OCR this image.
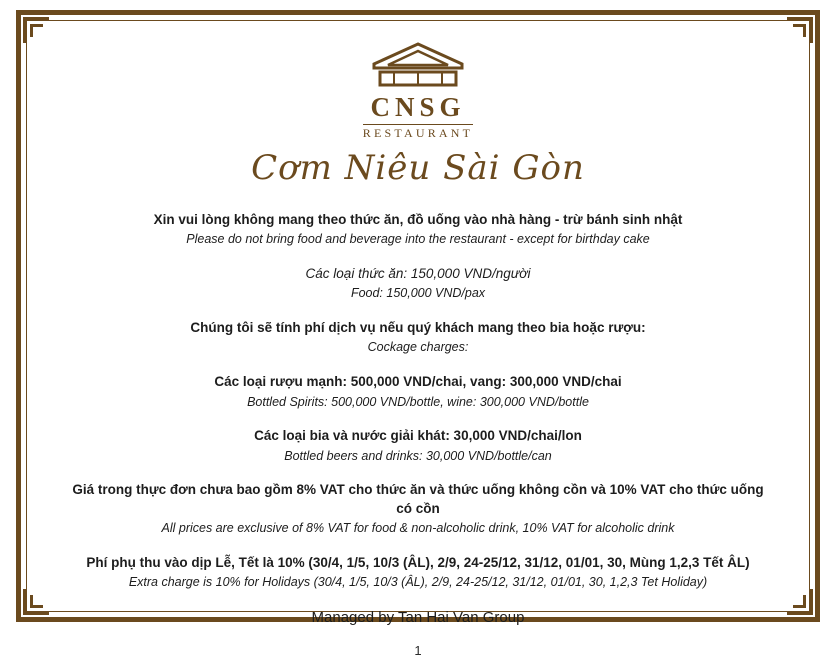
CNSG
RESTAURANT
Cơm Niêu Sài Gòn
Xin vui lòng không mang theo thức ăn, đồ uống vào nhà hàng - trừ bánh sinh nhật
Please do not bring food and beverage into the restaurant - except for birthday cake
Các loại thức ăn: 150,000 VND/người
Food: 150,000 VND/pax
Chúng tôi sẽ tính phí dịch vụ nếu quý khách mang theo bia hoặc rượu:
Cockage charges:
Các loại rượu mạnh: 500,000 VND/chai, vang: 300,000 VND/chai
Bottled Spirits: 500,000 VND/bottle, wine: 300,000 VND/bottle
Các loại bia và nước giải khát: 30,000 VND/chai/lon
Bottled beers and drinks: 30,000 VND/bottle/can
Giá trong thực đơn chưa bao gồm 8% VAT cho thức ăn và thức uống không cồn và 10% VAT cho thức uống có cồn
All prices are exclusive of 8% VAT for food & non-alcoholic drink, 10% VAT for alcoholic drink
Phí phụ thu vào dịp Lễ, Tết là 10% (30/4, 1/5, 10/3 (ÂL), 2/9, 24-25/12, 31/12, 01/01, 30, Mùng 1,2,3 Tết ÂL)
Extra charge is 10% for Holidays (30/4, 1/5, 10/3 (ÂL), 2/9, 24-25/12, 31/12, 01/01, 30, 1,2,3 Tet Holiday)
Managed by Tan Hai Van Group
1
